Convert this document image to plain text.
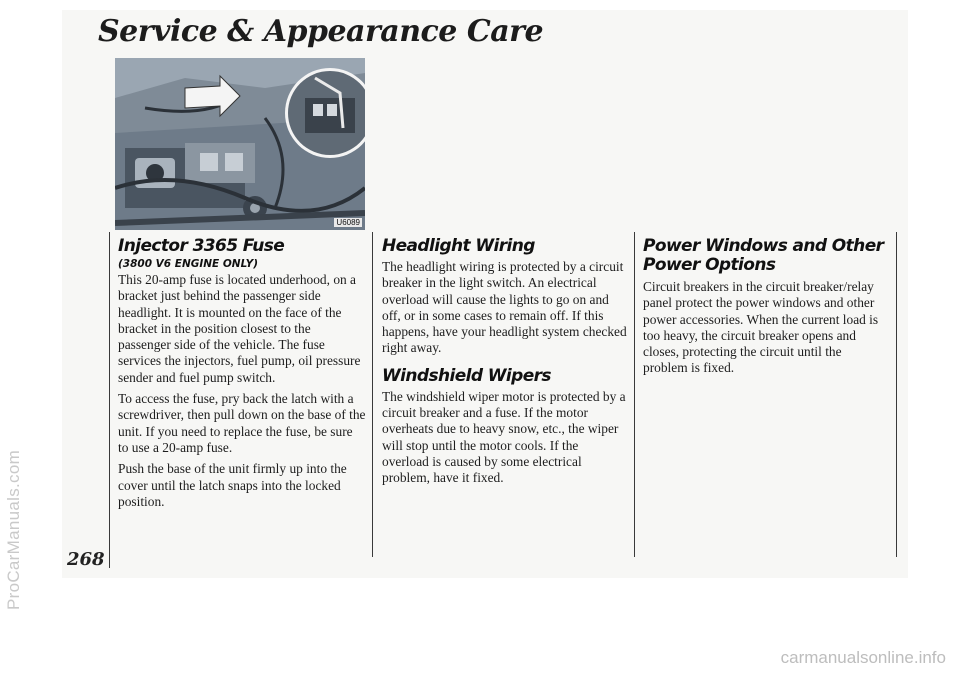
Service & Appearance Care
U6089
Injector 3365 Fuse
(3800 V6 ENGINE ONLY)

This 20-amp fuse is located underhood, on a bracket just behind the passenger side headlight. It is mounted on the face of the bracket in the position closest to the passenger side of the vehicle. The fuse services the injectors, fuel pump, oil pressure sender and fuel pump switch.

To access the fuse, pry back the latch with a screwdriver, then pull down on the base of the unit. If you need to replace the fuse, be sure to use a 20-amp fuse.

Push the base of the unit firmly up into the cover until the latch snaps into the locked position.

Headlight Wiring

The headlight wiring is protected by a circuit breaker in the light switch. An electrical overload will cause the lights to go on and off, or in some cases to remain off. If this happens, have your headlight system checked right away.

Windshield Wipers

The windshield wiper motor is protected by a circuit breaker and a fuse. If the motor overheats due to heavy snow, etc., the wiper will stop until the motor cools. If the overload is caused by some electrical problem, have it fixed.

Power Windows and Other
Power Options

Circuit breakers in the circuit breaker/relay panel protect the power windows and other power accessories. When the current load is too heavy, the circuit breaker opens and closes, protecting the circuit until the problem is fixed.

268
ProCarManuals.com
carmanualsonline.info
